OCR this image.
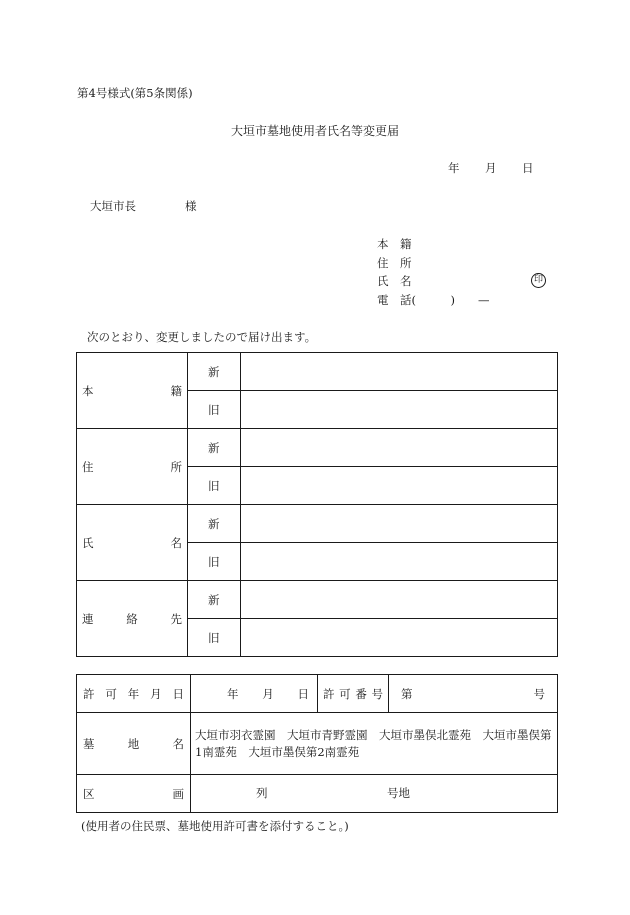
第4号様式(第5条関係)
大垣市墓地使用者氏名等変更届
年 月 日
大垣市長	様
本　籍
住　所
氏　名	印
電　話(　　　)　　—
次のとおり、変更しましたので届け出ます。
本 籍	新	
	旧	

住 所	新	
	旧	

氏 名	新	
	旧	

連 絡 先	新	
	旧	
許 可 年 月 日	年 月 日	許 可 番 号	第 号

墓 地 名	大垣市羽衣霊園　大垣市青野霊園　大垣市墨俣北霊苑　大垣市墨俣第1南霊苑　大垣市墨俣第2南霊苑		

区 画	列 号地		
(使用者の住民票、墓地使用許可書を添付すること。)
